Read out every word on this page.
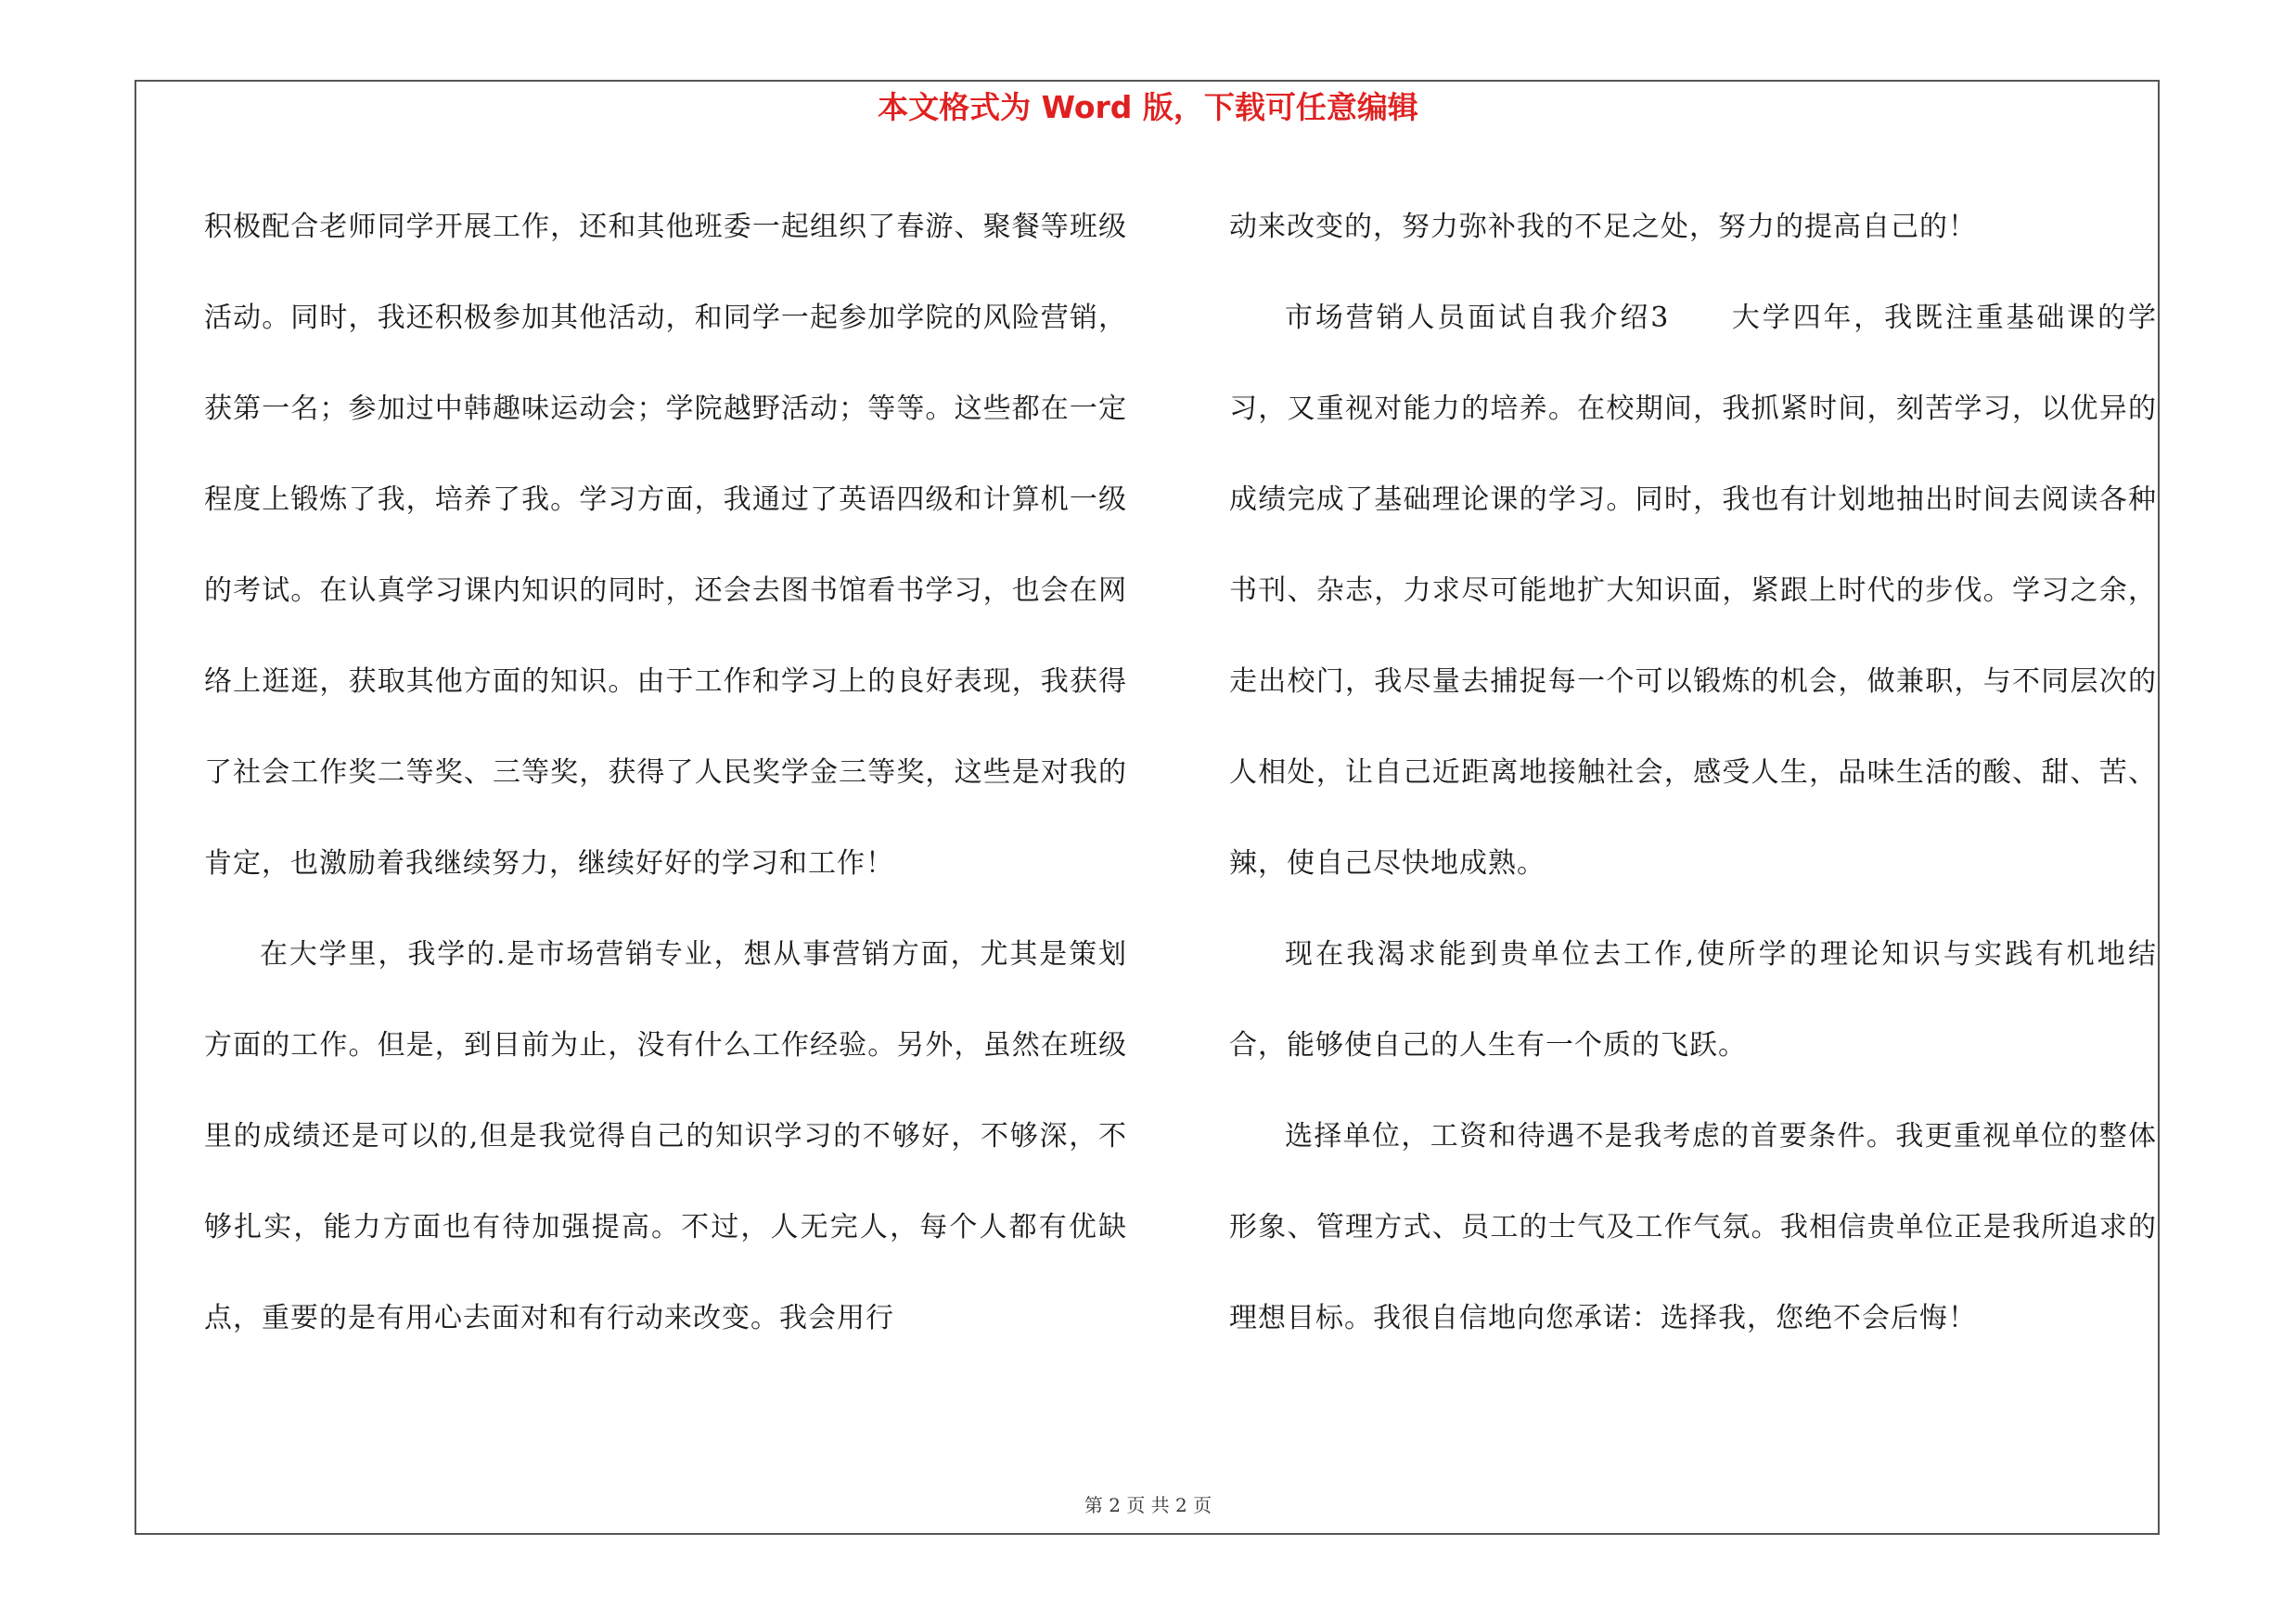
本文格式为 Word 版，下载可任意编辑

积极配合老师同学开展工作，还和其他班委一起组织了春游、聚餐等班级活动。同时，我还积极参加其他活动，和同学一起参加学院的风险营销，获第一名；参加过中韩趣味运动会；学院越野活动；等等。这些都在一定程度上锻炼了我，培养了我。学习方面，我通过了英语四级和计算机一级的考试。在认真学习课内知识的同时，还会去图书馆看书学习，也会在网络上逛逛，获取其他方面的知识。由于工作和学习上的良好表现，我获得了社会工作奖二等奖、三等奖，获得了人民奖学金三等奖，这些是对我的肯定，也激励着我继续努力，继续好好的学习和工作！

在大学里，我学的.是市场营销专业，想从事营销方面，尤其是策划方面的工作。但是，到目前为止，没有什么工作经验。另外，虽然在班级里的成绩还是可以的,但是我觉得自己的知识学习的不够好，不够深，不够扎实，能力方面也有待加强提高。不过，人无完人，每个人都有优缺点，重要的是有用心去面对和有行动来改变。我会用行

动来改变的，努力弥补我的不足之处，努力的提高自己的！

市场营销人员面试自我介绍3　　大学四年，我既注重基础课的学习，又重视对能力的培养。在校期间，我抓紧时间，刻苦学习，以优异的成绩完成了基础理论课的学习。同时，我也有计划地抽出时间去阅读各种书刊、杂志，力求尽可能地扩大知识面，紧跟上时代的步伐。学习之余，走出校门，我尽量去捕捉每一个可以锻炼的机会，做兼职，与不同层次的人相处，让自己近距离地接触社会，感受人生，品味生活的酸、甜、苦、辣，使自己尽快地成熟。

现在我渴求能到贵单位去工作,使所学的理论知识与实践有机地结合，能够使自己的人生有一个质的飞跃。

选择单位，工资和待遇不是我考虑的首要条件。我更重视单位的整体形象、管理方式、员工的士气及工作气氛。我相信贵单位正是我所追求的理想目标。我很自信地向您承诺：选择我，您绝不会后悔！

第 2 页 共 2 页
